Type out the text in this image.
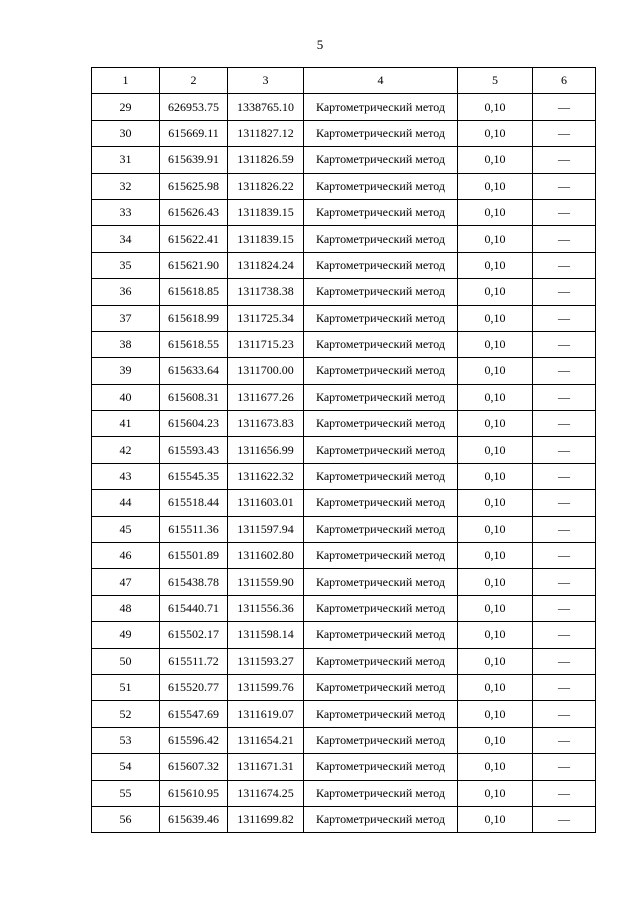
5
1	2	3	4	5	6
29	626953.75	1338765.10	Картометрический метод	0,10	—
30	615669.11	1311827.12	Картометрический метод	0,10	—
31	615639.91	1311826.59	Картометрический метод	0,10	—
32	615625.98	1311826.22	Картометрический метод	0,10	—
33	615626.43	1311839.15	Картометрический метод	0,10	—
34	615622.41	1311839.15	Картометрический метод	0,10	—
35	615621.90	1311824.24	Картометрический метод	0,10	—
36	615618.85	1311738.38	Картометрический метод	0,10	—
37	615618.99	1311725.34	Картометрический метод	0,10	—
38	615618.55	1311715.23	Картометрический метод	0,10	—
39	615633.64	1311700.00	Картометрический метод	0,10	—
40	615608.31	1311677.26	Картометрический метод	0,10	—
41	615604.23	1311673.83	Картометрический метод	0,10	—
42	615593.43	1311656.99	Картометрический метод	0,10	—
43	615545.35	1311622.32	Картометрический метод	0,10	—
44	615518.44	1311603.01	Картометрический метод	0,10	—
45	615511.36	1311597.94	Картометрический метод	0,10	—
46	615501.89	1311602.80	Картометрический метод	0,10	—
47	615438.78	1311559.90	Картометрический метод	0,10	—
48	615440.71	1311556.36	Картометрический метод	0,10	—
49	615502.17	1311598.14	Картометрический метод	0,10	—
50	615511.72	1311593.27	Картометрический метод	0,10	—
51	615520.77	1311599.76	Картометрический метод	0,10	—
52	615547.69	1311619.07	Картометрический метод	0,10	—
53	615596.42	1311654.21	Картометрический метод	0,10	—
54	615607.32	1311671.31	Картометрический метод	0,10	—
55	615610.95	1311674.25	Картометрический метод	0,10	—
56	615639.46	1311699.82	Картометрический метод	0,10	—
